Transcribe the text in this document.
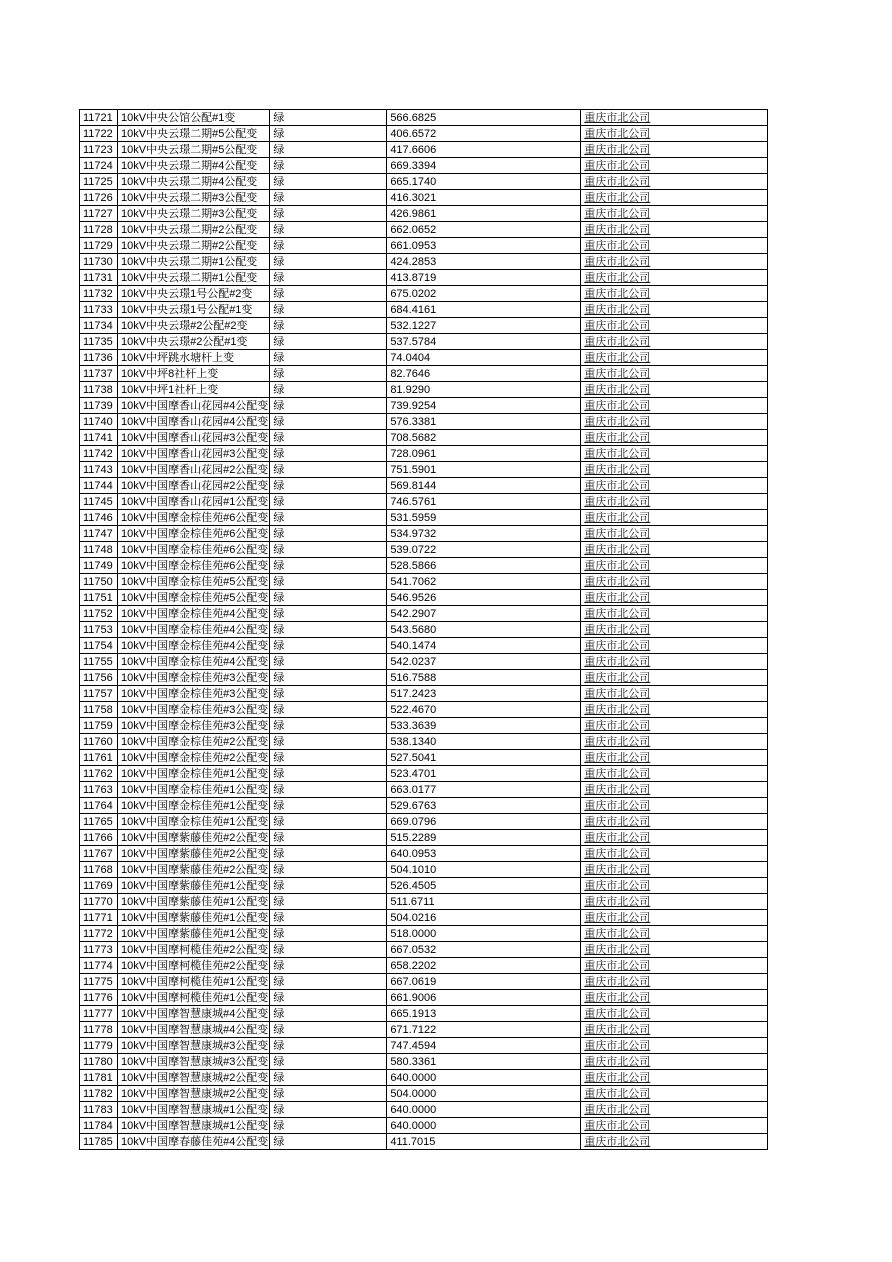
11721	10kV中央公馆公配#1变	绿	566.6825	重庆市北公司
11722	10kV中央云璟二期#5公配变	绿	406.6572	重庆市北公司
11723	10kV中央云璟二期#5公配变	绿	417.6606	重庆市北公司
11724	10kV中央云璟二期#4公配变	绿	669.3394	重庆市北公司
11725	10kV中央云璟二期#4公配变	绿	665.1740	重庆市北公司
11726	10kV中央云璟二期#3公配变	绿	416.3021	重庆市北公司
11727	10kV中央云璟二期#3公配变	绿	426.9861	重庆市北公司
11728	10kV中央云璟二期#2公配变	绿	662.0652	重庆市北公司
11729	10kV中央云璟二期#2公配变	绿	661.0953	重庆市北公司
11730	10kV中央云璟二期#1公配变	绿	424.2853	重庆市北公司
11731	10kV中央云璟二期#1公配变	绿	413.8719	重庆市北公司
11732	10kV中央云璟1号公配#2变	绿	675.0202	重庆市北公司
11733	10kV中央云璟1号公配#1变	绿	684.4161	重庆市北公司
11734	10kV中央云璟#2公配#2变	绿	532.1227	重庆市北公司
11735	10kV中央云璟#2公配#1变	绿	537.5784	重庆市北公司
11736	10kV中坪跳水塘杆上变	绿	74.0404	重庆市北公司
11737	10kV中坪8社杆上变	绿	82.7646	重庆市北公司
11738	10kV中坪1社杆上变	绿	81.9290	重庆市北公司
11739	10kV中国摩香山花园#4公配变	绿	739.9254	重庆市北公司
11740	10kV中国摩香山花园#4公配变	绿	576.3381	重庆市北公司
11741	10kV中国摩香山花园#3公配变	绿	708.5682	重庆市北公司
11742	10kV中国摩香山花园#3公配变	绿	728.0961	重庆市北公司
11743	10kV中国摩香山花园#2公配变	绿	751.5901	重庆市北公司
11744	10kV中国摩香山花园#2公配变	绿	569.8144	重庆市北公司
11745	10kV中国摩香山花园#1公配变	绿	746.5761	重庆市北公司
11746	10kV中国摩金棕佳苑#6公配变	绿	531.5959	重庆市北公司
11747	10kV中国摩金棕佳苑#6公配变	绿	534.9732	重庆市北公司
11748	10kV中国摩金棕佳苑#6公配变	绿	539.0722	重庆市北公司
11749	10kV中国摩金棕佳苑#6公配变	绿	528.5866	重庆市北公司
11750	10kV中国摩金棕佳苑#5公配变	绿	541.7062	重庆市北公司
11751	10kV中国摩金棕佳苑#5公配变	绿	546.9526	重庆市北公司
11752	10kV中国摩金棕佳苑#4公配变	绿	542.2907	重庆市北公司
11753	10kV中国摩金棕佳苑#4公配变	绿	543.5680	重庆市北公司
11754	10kV中国摩金棕佳苑#4公配变	绿	540.1474	重庆市北公司
11755	10kV中国摩金棕佳苑#4公配变	绿	542.0237	重庆市北公司
11756	10kV中国摩金棕佳苑#3公配变	绿	516.7588	重庆市北公司
11757	10kV中国摩金棕佳苑#3公配变	绿	517.2423	重庆市北公司
11758	10kV中国摩金棕佳苑#3公配变	绿	522.4670	重庆市北公司
11759	10kV中国摩金棕佳苑#3公配变	绿	533.3639	重庆市北公司
11760	10kV中国摩金棕佳苑#2公配变	绿	538.1340	重庆市北公司
11761	10kV中国摩金棕佳苑#2公配变	绿	527.5041	重庆市北公司
11762	10kV中国摩金棕佳苑#1公配变	绿	523.4701	重庆市北公司
11763	10kV中国摩金棕佳苑#1公配变	绿	663.0177	重庆市北公司
11764	10kV中国摩金棕佳苑#1公配变	绿	529.6763	重庆市北公司
11765	10kV中国摩金棕佳苑#1公配变	绿	669.0796	重庆市北公司
11766	10kV中国摩紫藤佳苑#2公配变	绿	515.2289	重庆市北公司
11767	10kV中国摩紫藤佳苑#2公配变	绿	640.0953	重庆市北公司
11768	10kV中国摩紫藤佳苑#2公配变	绿	504.1010	重庆市北公司
11769	10kV中国摩紫藤佳苑#1公配变	绿	526.4505	重庆市北公司
11770	10kV中国摩紫藤佳苑#1公配变	绿	511.6711	重庆市北公司
11771	10kV中国摩紫藤佳苑#1公配变	绿	504.0216	重庆市北公司
11772	10kV中国摩紫藤佳苑#1公配变	绿	518.0000	重庆市北公司
11773	10kV中国摩柯榄佳苑#2公配变	绿	667.0532	重庆市北公司
11774	10kV中国摩柯榄佳苑#2公配变	绿	658.2202	重庆市北公司
11775	10kV中国摩柯榄佳苑#1公配变	绿	667.0619	重庆市北公司
11776	10kV中国摩柯榄佳苑#1公配变	绿	661.9006	重庆市北公司
11777	10kV中国摩智慧康城#4公配变	绿	665.1913	重庆市北公司
11778	10kV中国摩智慧康城#4公配变	绿	671.7122	重庆市北公司
11779	10kV中国摩智慧康城#3公配变	绿	747.4594	重庆市北公司
11780	10kV中国摩智慧康城#3公配变	绿	580.3361	重庆市北公司
11781	10kV中国摩智慧康城#2公配变	绿	640.0000	重庆市北公司
11782	10kV中国摩智慧康城#2公配变	绿	504.0000	重庆市北公司
11783	10kV中国摩智慧康城#1公配变	绿	640.0000	重庆市北公司
11784	10kV中国摩智慧康城#1公配变	绿	640.0000	重庆市北公司
11785	10kV中国摩春藤佳苑#4公配变	绿	411.7015	重庆市北公司
